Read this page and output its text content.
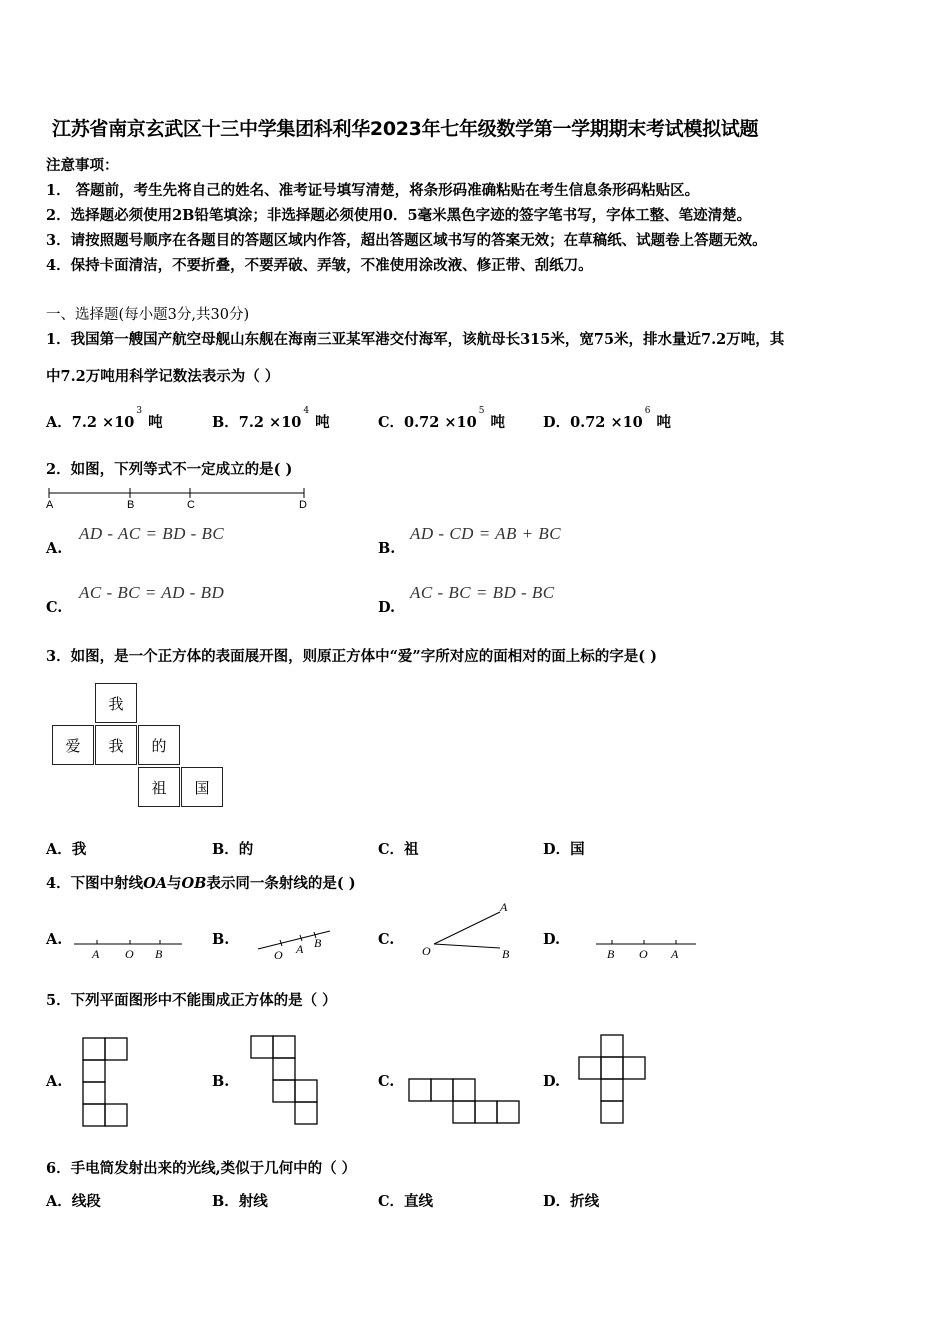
江苏省南京玄武区十三中学集团科利华2023年七年级数学第一学期期末考试模拟试题
注意事项：
1． 答题前，考生先将自己的姓名、准考证号填写清楚，将条形码准确粘贴在考生信息条形码粘贴区。
2．选择题必须使用2B铅笔填涂；非选择题必须使用0．5毫米黑色字迹的签字笔书写，字体工整、笔迹清楚。
3．请按照题号顺序在各题目的答题区域内作答，超出答题区域书写的答案无效；在草稿纸、试题卷上答题无效。
4．保持卡面清洁，不要折叠，不要弄破、弄皱，不准使用涂改液、修正带、刮纸刀。
一、选择题(每小题3分,共30分)
1．我国第一艘国产航空母舰山东舰在海南三亚某军港交付海军，该航母长315米，宽75米，排水量近7.2万吨，其
中7.2万吨用科学记数法表示为（ ）
A．$7.2 \times 10^3$吨	B．$7.2 \times 10^4$吨	C．$0.72 \times 10^5$吨	D．$0.72 \times 10^6$吨
2．如图，下列等式不一定成立的是( )
A	B	C	D
A.
AD - AC = BD - BC
B.
AD - CD = AB + BC
C.
AC - BC = AD - BD
D.
AC - BC = BD - BC
3．如图，是一个正方体的表面展开图，则原正方体中“爱”字所对应的面相对的面上标的字是( )
我
爱	我	的
祖	国
A．我	B．的	C．祖	D．国
4．下图中射线OA与OB表示同一条射线的是( )
A.
A O B
B.
O A B	C.
A
O	B
D.
B O A
5．下列平面图形中不能围成正方体的是（ ）
A.	B.	C.	D.
6．手电筒发射出来的光线,类似于几何中的（ ）
A．线段	B．射线	C．直线	D．折线
